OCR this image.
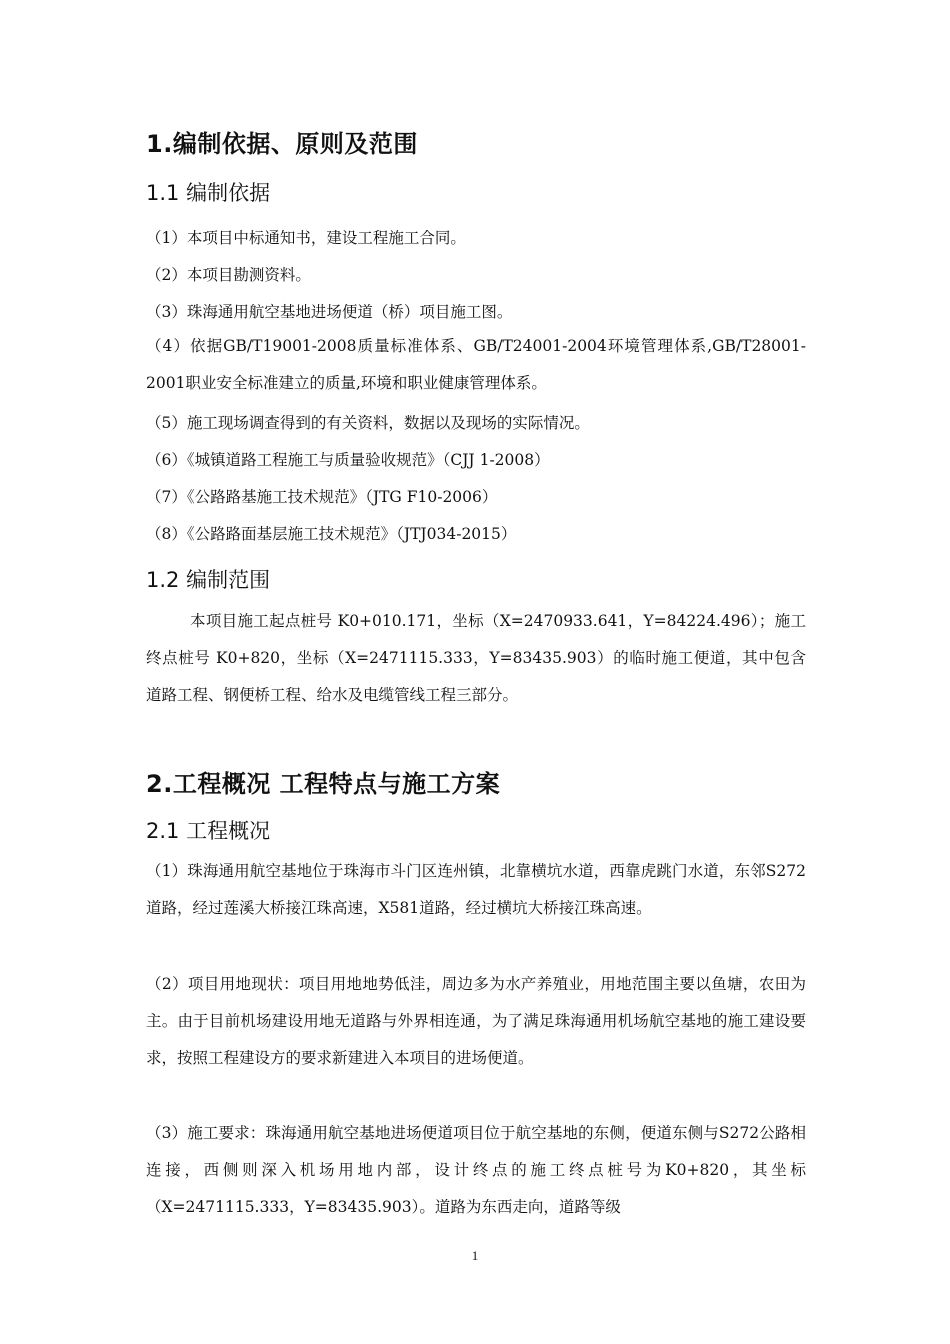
1.编制依据、原则及范围
1.1 编制依据

（1）本项目中标通知书，建设工程施工合同。

（2）本项目勘测资料。

（3）珠海通用航空基地进场便道（桥）项目施工图。

（4）依据GB/T19001-2008质量标准体系、GB/T24001-2004环境管理体系,GB/T28001-2001职业安全标准建立的质量,环境和职业健康管理体系。

（5）施工现场调查得到的有关资料，数据以及现场的实际情况。

（6）《城镇道路工程施工与质量验收规范》（CJJ 1-2008）

（7）《公路路基施工技术规范》（JTG F10-2006）

（8）《公路路面基层施工技术规范》（JTJ034-2015）

1.2 编制范围

本项目施工起点桩号 K0+010.171，坐标（X=2470933.641，Y=84224.496）；施工终点桩号 K0+820，坐标（X=2471115.333，Y=83435.903）的临时施工便道，其中包含道路工程、钢便桥工程、给水及电缆管线工程三部分。

2.工程概况 工程特点与施工方案
2.1 工程概况

（1）珠海通用航空基地位于珠海市斗门区连州镇，北靠横坑水道，西靠虎跳门水道，东邻S272道路，经过莲溪大桥接江珠高速，X581道路，经过横坑大桥接江珠高速。

（2）项目用地现状：项目用地地势低洼，周边多为水产养殖业，用地范围主要以鱼塘，农田为主。由于目前机场建设用地无道路与外界相连通，为了满足珠海通用机场航空基地的施工建设要求，按照工程建设方的要求新建进入本项目的进场便道。

（3）施工要求：珠海通用航空基地进场便道项目位于航空基地的东侧，便道东侧与S272公路相连接，西侧则深入机场用地内部，设计终点的施工终点桩号为K0+820，其坐标（X=2471115.333，Y=83435.903）。道路为东西走向，道路等级

1
